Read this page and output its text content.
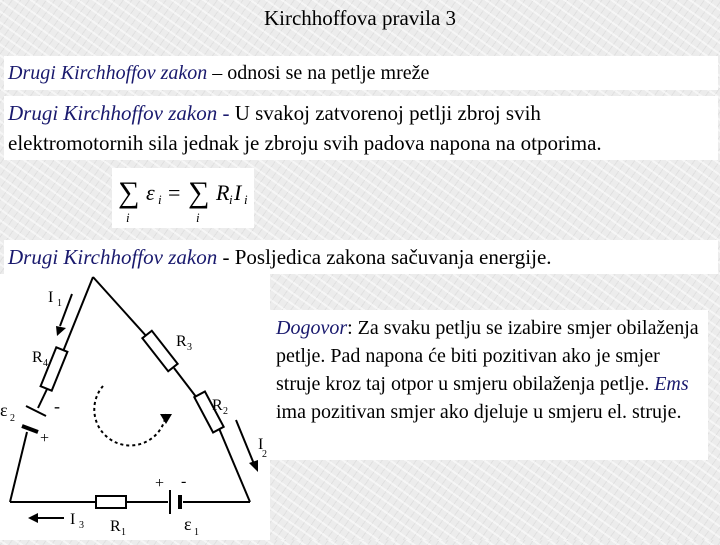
Kirchhoffova pravila 3
Drugi Kirchhoffov zakon – odnosi se na petlje mreže
Drugi Kirchhoffov zakon - U svakoj zatvorenoj petlji zbroj svih
elektromotornih sila jednak je zbroju svih padova napona na otporima.
∑ ε i = ∑ R i I i
i	i
Drugi Kirchhoffov zakon - Posljedica zakona sačuvanja energije.
I 1
I
2
I 3
R 4
R 3
R 2
R 1	ε 1
ε 2
+ -
+
-
Dogovor: Za svaku petlju se izabire smjer obilaženja petlje. Pad napona će biti pozitivan ako je smjer struje kroz taj otpor u smjeru obilaženja petlje. Ems ima pozitivan smjer ako djeluje u smjeru el. struje.
